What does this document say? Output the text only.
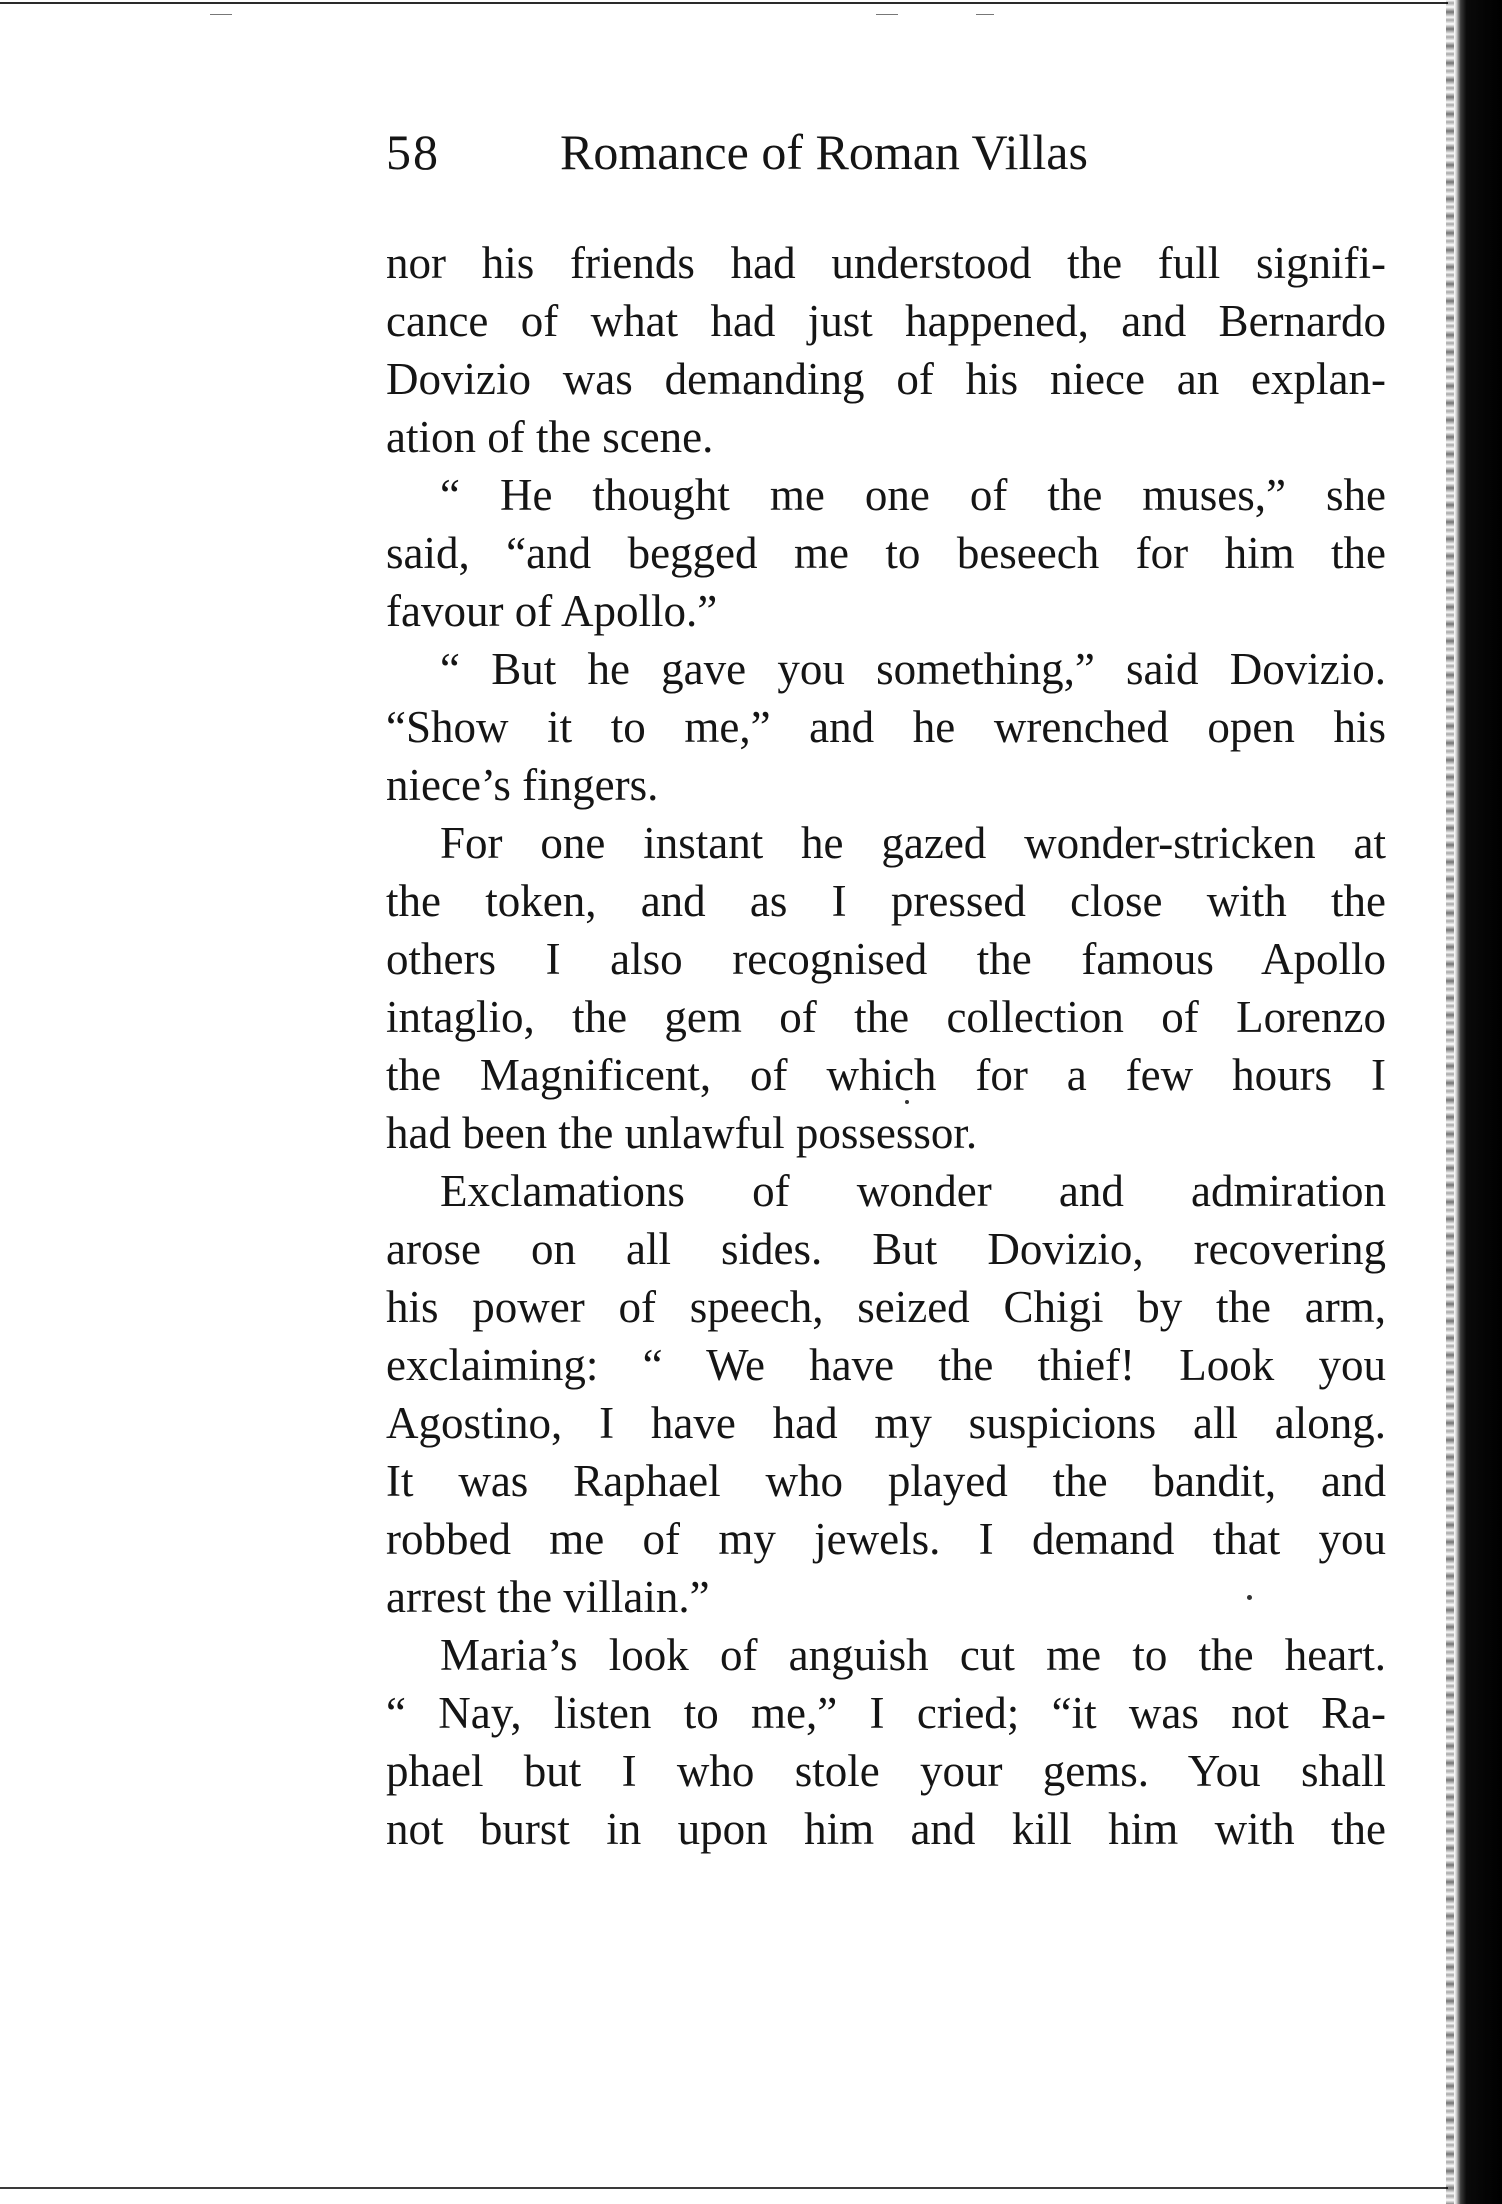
58 Romance of Roman Villas
nor his friends had understood the full signifi-
cance of what had just happened, and Bernardo
Dovizio was demanding of his niece an explan-
ation of the scene.
“ He thought me one of the muses,” she
said, “and begged me to beseech for him the
favour of Apollo.”
“ But he gave you something,” said Dovizio.
“Show it to me,” and he wrenched open his
niece’s fingers.
For one instant he gazed wonder-stricken at
the token, and as I pressed close with the
others I also recognised the famous Apollo
intaglio, the gem of the collection of Lorenzo
the Magnificent, of which for a few hours I
had been the unlawful possessor.
Exclamations of wonder and admiration
arose on all sides. But Dovizio, recovering
his power of speech, seized Chigi by the arm,
exclaiming: “ We have the thief! Look you
Agostino, I have had my suspicions all along.
It was Raphael who played the bandit, and
robbed me of my jewels. I demand that you
arrest the villain.”
Maria’s look of anguish cut me to the heart.
“ Nay, listen to me,” I cried; “it was not Ra-
phael but I who stole your gems. You shall
not burst in upon him and kill him with the
